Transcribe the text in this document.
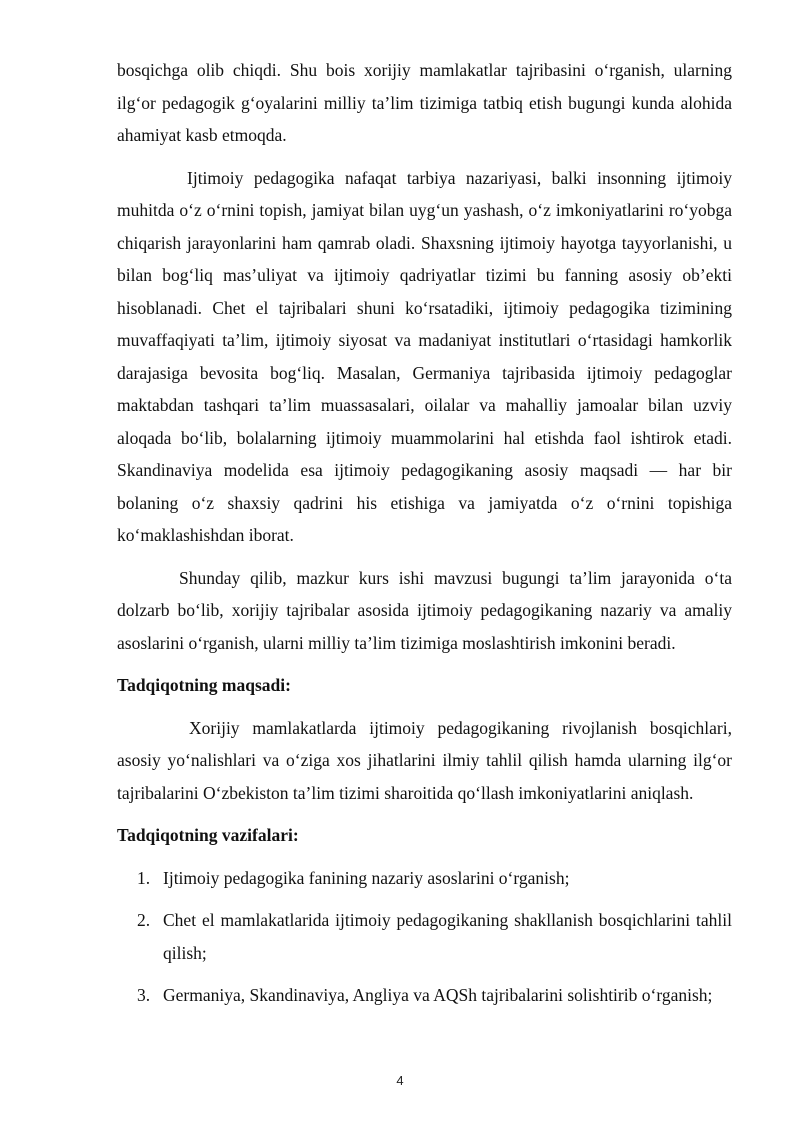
bosqichga olib chiqdi. Shu bois xorijiy mamlakatlar tajribasini o‘rganish, ularning ilg‘or pedagogik g‘oyalarini milliy ta’lim tizimiga tatbiq etish bugungi kunda alohida ahamiyat kasb etmoqda.

Ijtimoiy pedagogika nafaqat tarbiya nazariyasi, balki insonning ijtimoiy muhitda o‘z o‘rnini topish, jamiyat bilan uyg‘un yashash, o‘z imkoniyatlarini ro‘yobga chiqarish jarayonlarini ham qamrab oladi. Shaxsning ijtimoiy hayotga tayyorlanishi, u bilan bog‘liq mas’uliyat va ijtimoiy qadriyatlar tizimi bu fanning asosiy ob’ekti hisoblanadi. Chet el tajribalari shuni ko‘rsatadiki, ijtimoiy pedagogika tizimining muvaffaqiyati ta’lim, ijtimoiy siyosat va madaniyat institutlari o‘rtasidagi hamkorlik darajasiga bevosita bog‘liq. Masalan, Germaniya tajribasida ijtimoiy pedagoglar maktabdan tashqari ta’lim muassasalari, oilalar va mahalliy jamoalar bilan uzviy aloqada bo‘lib, bolalarning ijtimoiy muammolarini hal etishda faol ishtirok etadi. Skandinaviya modelida esa ijtimoiy pedagogikaning asosiy maqsadi — har bir bolaning o‘z shaxsiy qadrini his etishiga va jamiyatda o‘z o‘rnini topishiga ko‘maklashishdan iborat.

Shunday qilib, mazkur kurs ishi mavzusi bugungi ta’lim jarayonida o‘ta dolzarb bo‘lib, xorijiy tajribalar asosida ijtimoiy pedagogikaning nazariy va amaliy asoslarini o‘rganish, ularni milliy ta’lim tizimiga moslashtirish imkonini beradi.

Tadqiqotning maqsadi:

Xorijiy mamlakatlarda ijtimoiy pedagogikaning rivojlanish bosqichlari, asosiy yo‘nalishlari va o‘ziga xos jihatlarini ilmiy tahlil qilish hamda ularning ilg‘or tajribalarini O‘zbekiston ta’lim tizimi sharoitida qo‘llash imkoniyatlarini aniqlash.

Tadqiqotning vazifalari:
1. Ijtimoiy pedagogika fanining nazariy asoslarini o‘rganish;
2. Chet el mamlakatlarida ijtimoiy pedagogikaning shakllanish bosqichlarini tahlil qilish;
3. Germaniya, Skandinaviya, Angliya va AQSh tajribalarini solishtirib o‘rganish;
4
